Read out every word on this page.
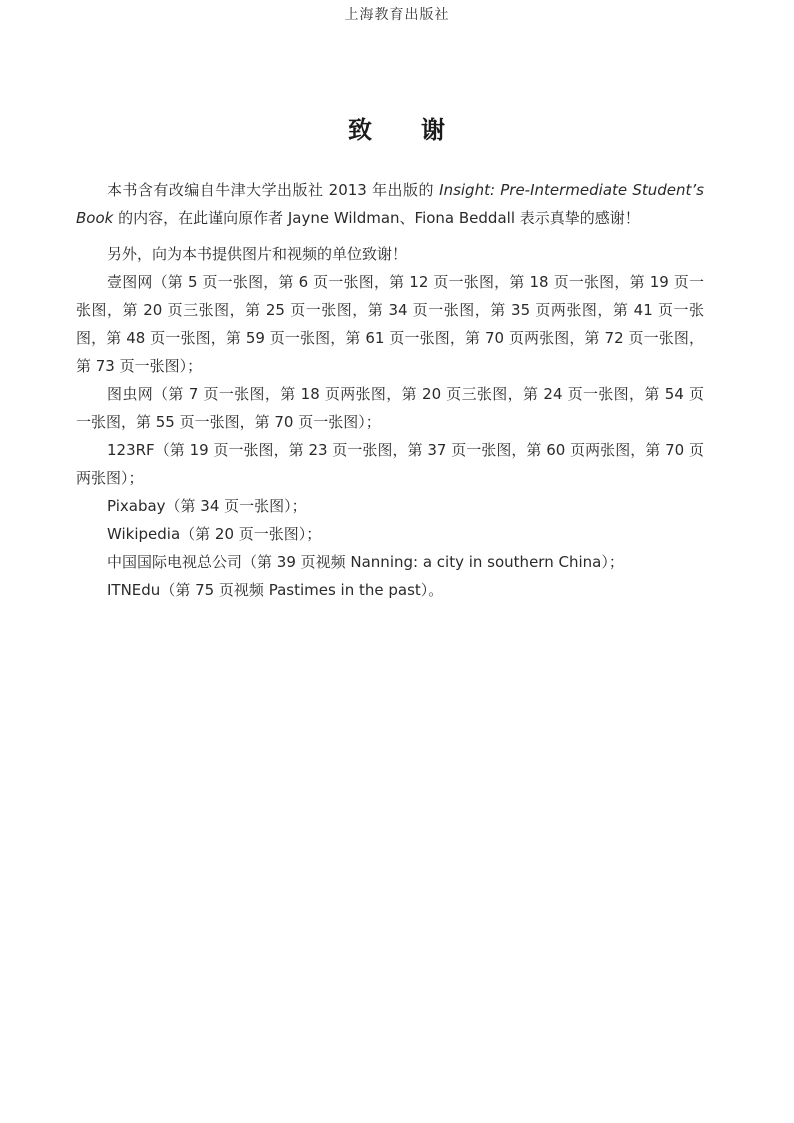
上海教育出版社
致 谢

本书含有改编自牛津大学出版社 2013 年出版的 Insight: Pre-Intermediate Student’s Book 的内容，在此谨向原作者 Jayne Wildman、Fiona Beddall 表示真挚的感谢！

另外，向为本书提供图片和视频的单位致谢！

壹图网（第 5 页一张图，第 6 页一张图，第 12 页一张图，第 18 页一张图，第 19 页一张图，第 20 页三张图，第 25 页一张图，第 34 页一张图，第 35 页两张图，第 41 页一张图，第 48 页一张图，第 59 页一张图，第 61 页一张图，第 70 页两张图，第 72 页一张图，第 73 页一张图）；

图虫网（第 7 页一张图，第 18 页两张图，第 20 页三张图，第 24 页一张图，第 54 页一张图，第 55 页一张图，第 70 页一张图）；

123RF（第 19 页一张图，第 23 页一张图，第 37 页一张图，第 60 页两张图，第 70 页两张图）；

Pixabay（第 34 页一张图）；

Wikipedia（第 20 页一张图）；

中国国际电视总公司（第 39 页视频 Nanning: a city in southern China）；

ITNEdu（第 75 页视频 Pastimes in the past）。
